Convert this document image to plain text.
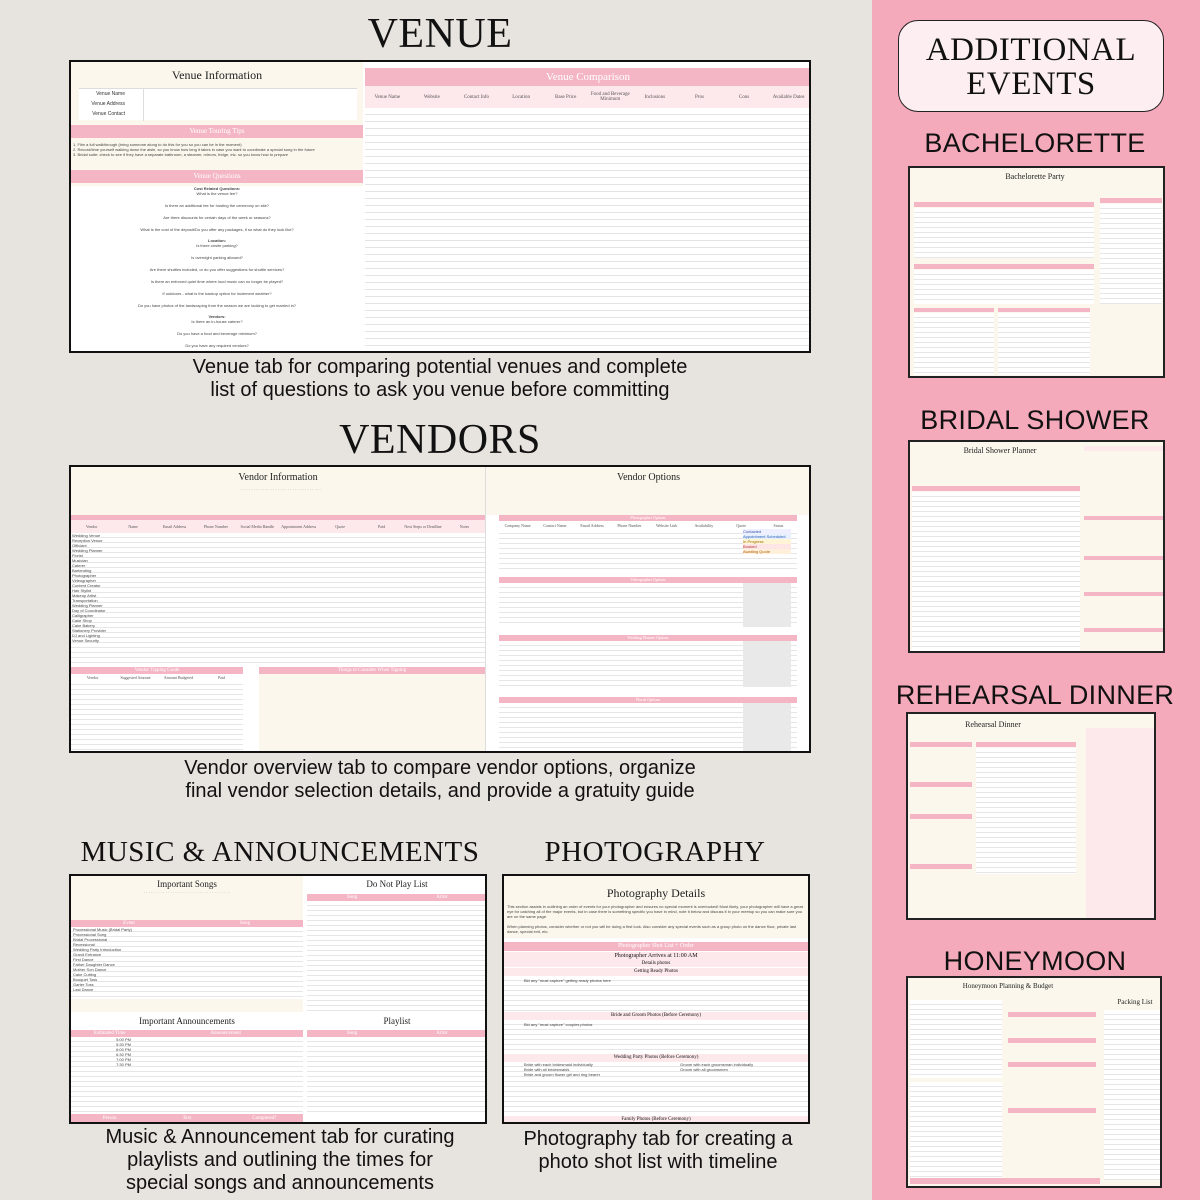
VENUE
Venue Information
Venue Name
Venue Address
Venue Contact
Venue Touring Tips
1. Film a full walkthrough (bring someone along to do this for you so you can be in the moment)
2. Record/time yourself walking down the aisle, so you know how long it takes in case you want to coordinate a special song in the future
3. Bridal suite: check to see if they have a separate bathroom, a steamer, mirrors, fridge, etc. so you know how to prepare
Venue Questions
Cost Related Questions:
What is the venue fee?
Is there an additional fee for hosting the ceremony on site?
Are there discounts for certain days of the week or seasons?
What is the cost of the deposit/Do you offer any packages, if so what do they look like?
Location:
Is there onsite parking?
Is overnight parking allowed?
Are there shuttles included, or do you offer suggestions for shuttle services?
Is there an enforced quiet time where loud music can no longer be played?
If outdoors - what is the backup option for inclement weather?
Do you have photos of the landscaping from the season we are looking to get married in?
Vendors:
Is there an in-house caterer?
Do you have a food and beverage minimum?
Do you have any required vendors?
Venue Comparison
Venue Name	Website	Contact Info	Location	Base Price	Food and Beverage Minimum	Inclusions	Pros	Cons	Available Dates
Venue tab for comparing potential venues and complete
list of questions to ask you venue before committing
VENDORS
Vendor Information
· · · · · · · · · · · · · · · · · · · · · · · · · · · · · · · · ·
Vendor	Name	Email Address	Phone Number	Social Media Handle	Appointment Address	Quote	Paid	Next Steps or Deadline	Notes
Wedding Venue
Reception Venue
Officiant
Wedding Planner
Florist
Musician
Caterer
Bartending
Photographer
Videographer
Content Creator
Hair Stylist
Makeup Artist
Transportation
Wedding Planner
Day of Coordinator
Calligrapher
Cake Shop
Cake Bakery
Stationery Provider
DJ and Lighting
Venue Security
Vendor Tipping Guide
Vendor	Suggested Amount	Amount Budgeted	Paid
Things to Consider When Tipping
Vendor Options
Photographer Options
Company Name	Contact Name	Email Address	Phone Number	Website Link	Availability	Quote	Status
Contacted
Appointment Scheduled
In Progress
Booked
Awaiting Quote
Videographer Options
Wedding Planner Options
Florist Options
Vendor overview tab to compare vendor options, organize
final vendor selection details, and provide a gratuity guide
MUSIC & ANNOUNCEMENTS
Important Songs
· · · · · · · · · · · · · · · · · · · · · · · · · · · · · · · · · · · ·
Event	Song
Processional Music (Bridal Party)
Processional Song
Bridal Processional
Recessional
Wedding Party Introduction
Grand Entrance
First Dance
Father Daughter Dance
Mother Son Dance
Cake Cutting
Bouquet Toss
Garter Toss
Last Dance
Do Not Play List
Song	Artist
Important Announcements
Estimated Time	Announcement
5:00 PM
5:30 PM
6:00 PM
6:30 PM
7:00 PM
7:30 PM
Playlist
Song	Artist
Person	Text	Completed?
Music & Announcement tab for curating
playlists and outlining the times for
special songs and announcements
PHOTOGRAPHY
Photography Details
This section assists in outlining an order of events for your photographer and ensures no special moment is overlooked! Most likely, your photographer will have a great eye for catching all of the major events, but in case there is something specific you have in mind, note it below and discuss it in your meetup so you can make sure you are on the same page.
When planning photos, consider whether or not you will be doing a first look. Also consider any special events such as a group photo on the dance floor, private last dance, special exit, etc.
Photographer Shot List + Order
Photographer Arrives at 11:00 AM
Details photos
Getting Ready Photos
Bid any "must capture" getting ready photos here
Bride and Groom Photos (Before Ceremony)
Bid any "must capture" couples photos
Wedding Party Photos (Before Ceremony)
Bride with each bridesmaid individually
Bride with all bridesmaids
Bride and groom flower girl and ring bearer
Groom with each groomsman individually
Groom with all groomsmen
Family Photos (Before Ceremony)
Photography tab for creating a
photo shot list with timeline
ADDITIONAL
EVENTS
BACHELORETTE
Bachelorette Party
BRIDAL SHOWER
Bridal Shower Planner
REHEARSAL DINNER
Rehearsal Dinner
HONEYMOON
Honeymoon Planning & Budget
Packing List
